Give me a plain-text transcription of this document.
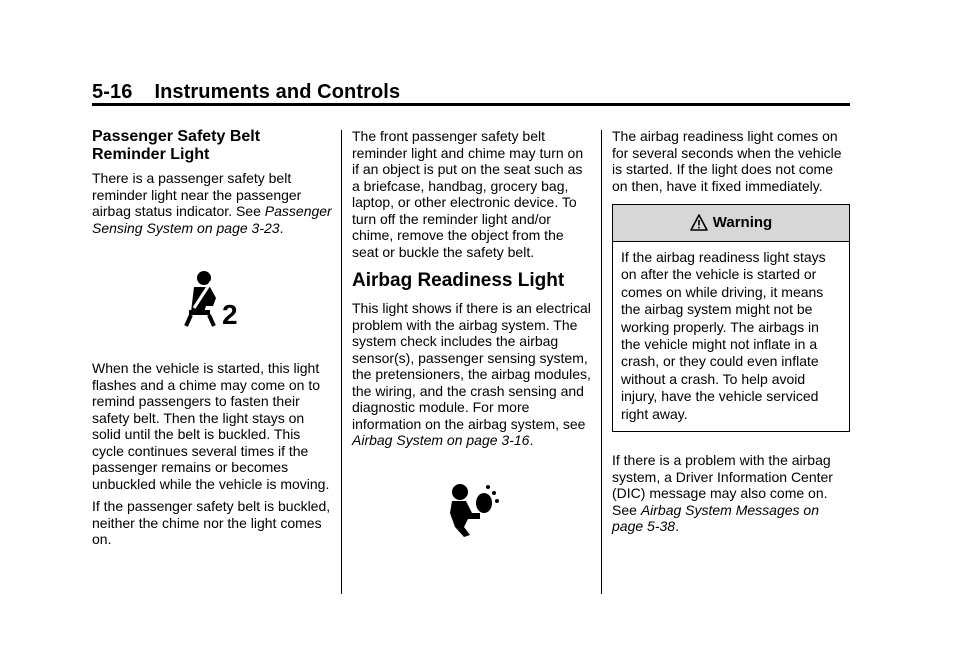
5-16 Instruments and Controls
Passenger Safety Belt Reminder Light

There is a passenger safety belt reminder light near the passenger airbag status indicator. See Passenger Sensing System on page 3-23.

2

When the vehicle is started, this light flashes and a chime may come on to remind passengers to fasten their safety belt. Then the light stays on solid until the belt is buckled. This cycle continues several times if the passenger remains or becomes unbuckled while the vehicle is moving.

If the passenger safety belt is buckled, neither the chime nor the light comes on.

The front passenger safety belt reminder light and chime may turn on if an object is put on the seat such as a briefcase, handbag, grocery bag, laptop, or other electronic device. To turn off the reminder light and/or chime, remove the object from the seat or buckle the safety belt.

Airbag Readiness Light

This light shows if there is an electrical problem with the airbag system. The system check includes the airbag sensor(s), passenger sensing system, the pretensioners, the airbag modules, the wiring, and the crash sensing and diagnostic module. For more information on the airbag system, see Airbag System on page 3-16.

The airbag readiness light comes on for several seconds when the vehicle is started. If the light does not come on then, have it fixed immediately.

Warning
If the airbag readiness light stays on after the vehicle is started or comes on while driving, it means the airbag system might not be working properly. The airbags in the vehicle might not inflate in a crash, or they could even inflate without a crash. To help avoid injury, have the vehicle serviced right away.

If there is a problem with the airbag system, a Driver Information Center (DIC) message may also come on. See Airbag System Messages on page 5-38.
